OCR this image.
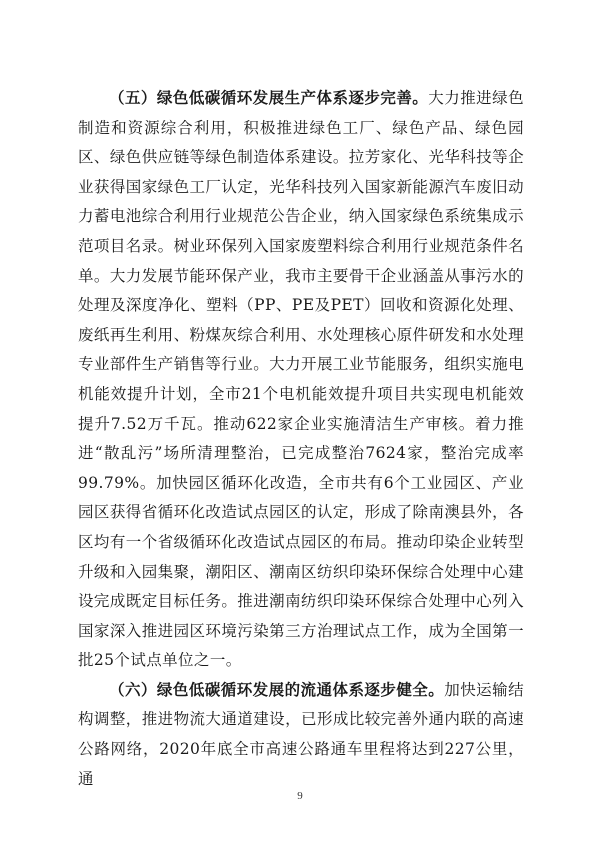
（五）绿色低碳循环发展生产体系逐步完善。大力推进绿色制造和资源综合利用，积极推进绿色工厂、绿色产品、绿色园区、绿色供应链等绿色制造体系建设。拉芳家化、光华科技等企业获得国家绿色工厂认定，光华科技列入国家新能源汽车废旧动力蓄电池综合利用行业规范公告企业，纳入国家绿色系统集成示范项目名录。树业环保列入国家废塑料综合利用行业规范条件名单。大力发展节能环保产业，我市主要骨干企业涵盖从事污水的处理及深度净化、塑料（PP、PE及PET）回收和资源化处理、废纸再生利用、粉煤灰综合利用、水处理核心原件研发和水处理专业部件生产销售等行业。大力开展工业节能服务，组织实施电机能效提升计划，全市21个电机能效提升项目共实现电机能效提升7.52万千瓦。推动622家企业实施清洁生产审核。着力推进“散乱污”场所清理整治，已完成整治7624家，整治完成率99.79%。加快园区循环化改造，全市共有6个工业园区、产业园区获得省循环化改造试点园区的认定，形成了除南澳县外，各区均有一个省级循环化改造试点园区的布局。推动印染企业转型升级和入园集聚，潮阳区、潮南区纺织印染环保综合处理中心建设完成既定目标任务。推进潮南纺织印染环保综合处理中心列入国家深入推进园区环境污染第三方治理试点工作，成为全国第一批25个试点单位之一。

（六）绿色低碳循环发展的流通体系逐步健全。加快运输结构调整，推进物流大通道建设，已形成比较完善外通内联的高速公路网络，2020年底全市高速公路通车里程将达到227公里，通

9
